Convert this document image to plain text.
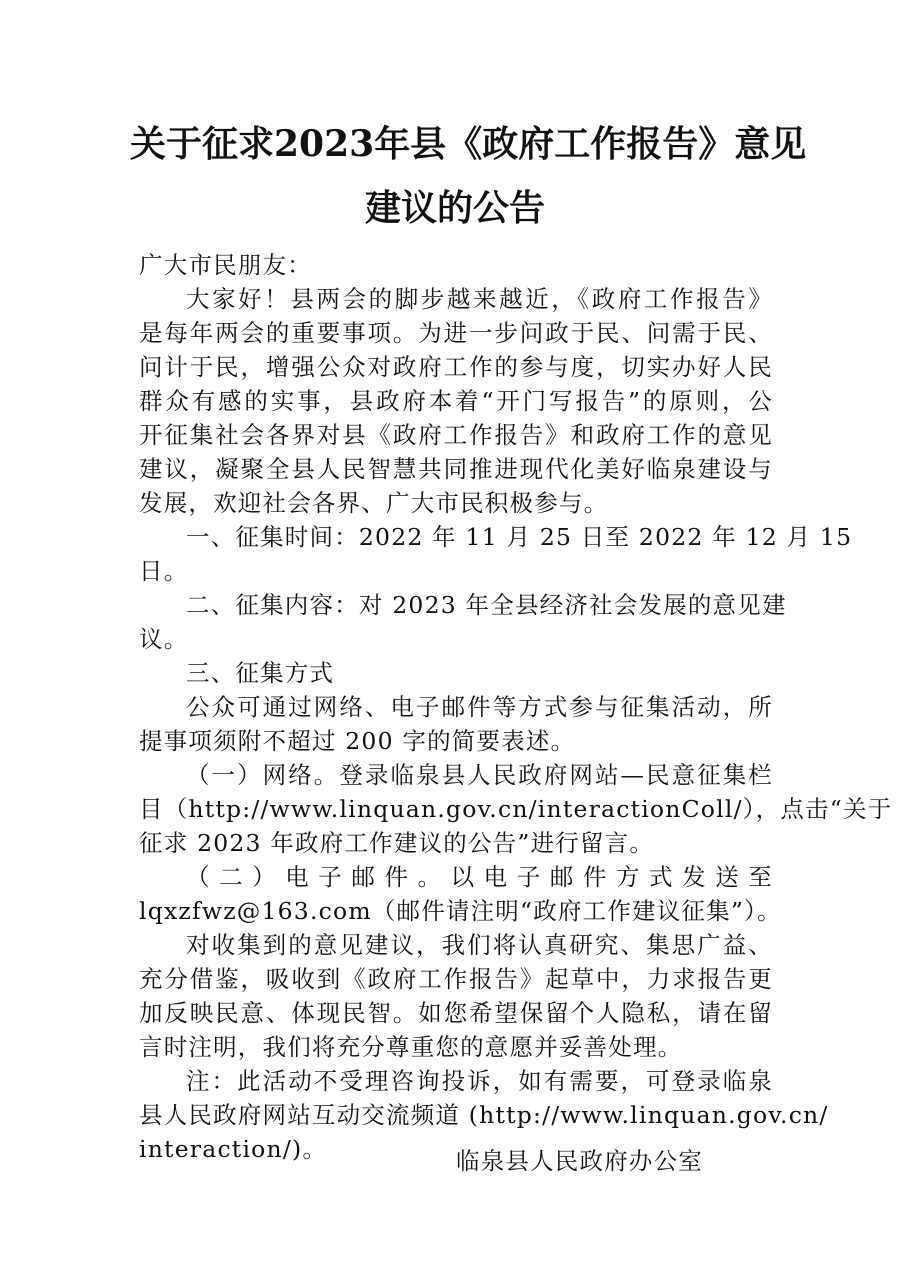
关于征求2023年县《政府工作报告》意见
建议的公告
广大市民朋友：
大家好！县两会的脚步越来越近，《政府工作报告》
是每年两会的重要事项。为进一步问政于民、问需于民、
问计于民，增强公众对政府工作的参与度，切实办好人民
群众有感的实事，县政府本着“开门写报告”的原则，公
开征集社会各界对县《政府工作报告》和政府工作的意见
建议，凝聚全县人民智慧共同推进现代化美好临泉建设与
发展，欢迎社会各界、广大市民积极参与。
一、征集时间：2022 年 11 月 25 日至 2022 年 12 月 15
日。
二、征集内容：对 2023 年全县经济社会发展的意见建
议。
三、征集方式
公众可通过网络、电子邮件等方式参与征集活动，所
提事项须附不超过 200 字的简要表述。
（一）网络。登录临泉县人民政府网站—民意征集栏
目（http://www.linquan.gov.cn/interactionColl/），点击“关于
征求 2023 年政府工作建议的公告”进行留言。
（二）电子邮件。以电子邮件方式发送至
lqxzfwz@163.com（邮件请注明“政府工作建议征集”）。
对收集到的意见建议，我们将认真研究、集思广益、
充分借鉴，吸收到《政府工作报告》起草中，力求报告更
加反映民意、体现民智。如您希望保留个人隐私，请在留
言时注明，我们将充分尊重您的意愿并妥善处理。
注：此活动不受理咨询投诉，如有需要，可登录临泉
县人民政府网站互动交流频道 (http://www.linquan.gov.cn/
interaction/)。	临泉县人民政府办公室
